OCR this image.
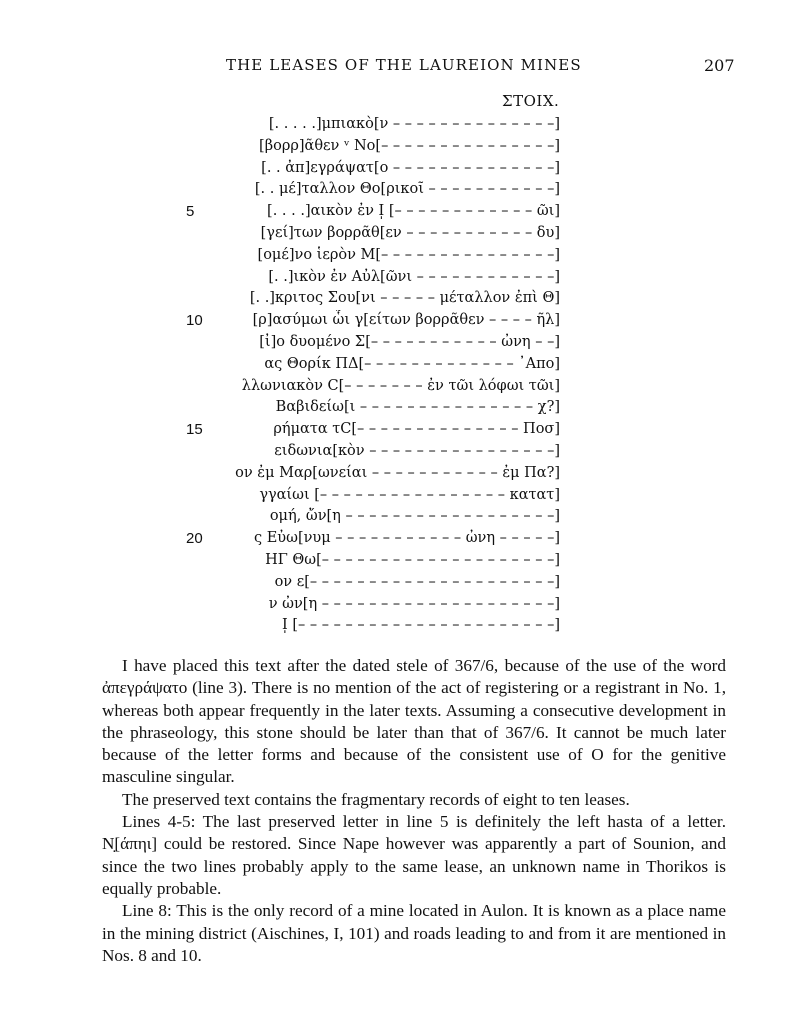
THE LEASES OF THE LAUREION MINES	207
ΣΤΟΙΧ.
[. . . . .]μπιακὸ[ν – – – – – – – – – – – – – –]
[βορρ]ᾶθεν ᵛ No[– – – – – – – – – – – – – – –]
[. . ἀπ]εγράψατ[ο – – – – – – – – – – – – – –]
[. . μέ]ταλλον Θο[ρικοῖ – – – – – – – – – – –]
5	[. . . .]αικὸν ἐν I̩ [– – – – – – – – – – – – ῶι]
[γεί]των βορρᾶθ[εν – – – – – – – – – – – δυ]
[ομέ]νο ἱερὸν M[– – – – – – – – – – – – – – –]
[. .]ικὸν ἐν Αὐλ[ῶνι – – – – – – – – – – – –]
[. .]κριτος Σου[νι – – – – – μέταλλον ἐπὶ Θ]
10	[ρ]ασύμωι ὧι γ[είτων βορρᾶθεν – – – – ῆλ]
[ἰ]ο δυομένο Σ[– – – – – – – – – – – ὠνη – –]
ας Θορίκ ΠΔ[– – – – – – – – – – – – – ᾿Απο]
λλωνιακὸν Ϲ[– – – – – – – ἐν τῶι λόφωι τῶι]
Βαβιδείω[ι – – – – – – – – – – – – – – – χ?]
15	ρήματα τϹ[– – – – – – – – – – – – – – Ποσ]
ειδωνια[κὸν – – – – – – – – – – – – – – – –]
ον ἐμ Μαρ[ωνείαι – – – – – – – – – – – ἐμ Πα?]
γγαίωι [– – – – – – – – – – – – – – – – κατατ]
ομή, ὤν[η – – – – – – – – – – – – – – – – – –]
20	ς Εὐω[νυμ – – – – – – – – – – – ὠνη – – – – –]
ΗΓ Θω[– – – – – – – – – – – – – – – – – – – –]
ον ε[– – – – – – – – – – – – – – – – – – – – –]
ν ὠν[η – – – – – – – – – – – – – – – – – – – –]
I̩ [– – – – – – – – – – – – – – – – – – – – – –]

I have placed this text after the dated stele of 367/6, because of the use of the word ἀπεγράψατο (line 3). There is no mention of the act of registering or a registrant in No. 1, whereas both appear frequently in the later texts. Assuming a consecutive development in the phraseology, this stone should be later than that of 367/6. It cannot be much later because of the letter forms and because of the consistent use of O for the genitive masculine singular.

The preserved text contains the fragmentary records of eight to ten leases.

Lines 4-5: The last preserved letter in line 5 is definitely the left hasta of a letter. Ν̣[άπηι] could be restored. Since Nape however was apparently a part of Sounion, and since the two lines probably apply to the same lease, an unknown name in Thorikos is equally probable.

Line 8: This is the only record of a mine located in Aulon. It is known as a place name in the mining district (Aischines, I, 101) and roads leading to and from it are mentioned in Nos. 8 and 10.
